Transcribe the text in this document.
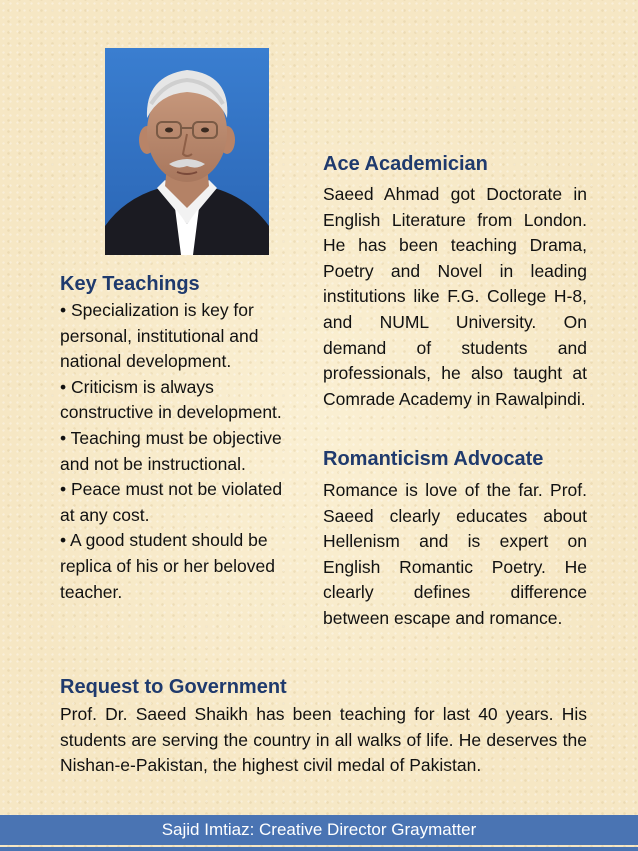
Ace Academician
Saeed Ahmad got Doctorate in English Literature from London. He has been teaching Drama, Poetry and Novel in leading institutions like F.G. College H-8, and NUML University. On demand of students and professionals, he also taught at Comrade Academy in Rawalpindi.
Key Teachings
• Specialization is key for personal, institutional and national development.
• Criticism is always constructive in development.
• Teaching must be objective and not be instructional.
• Peace must not be violated at any cost.
• A good student should be replica of his or her beloved teacher.
Romanticism Advocate
Romance is love of the far. Prof. Saeed clearly educates about Hellenism and is expert on English Romantic Poetry. He clearly defines difference between escape and romance.
Request to Government
Prof. Dr. Saeed Shaikh has been teaching for last 40 years. His students are serving the country in all walks of life. He deserves the Nishan-e-Pakistan, the highest civil medal of Pakistan.
Sajid Imtiaz: Creative Director Graymatter
